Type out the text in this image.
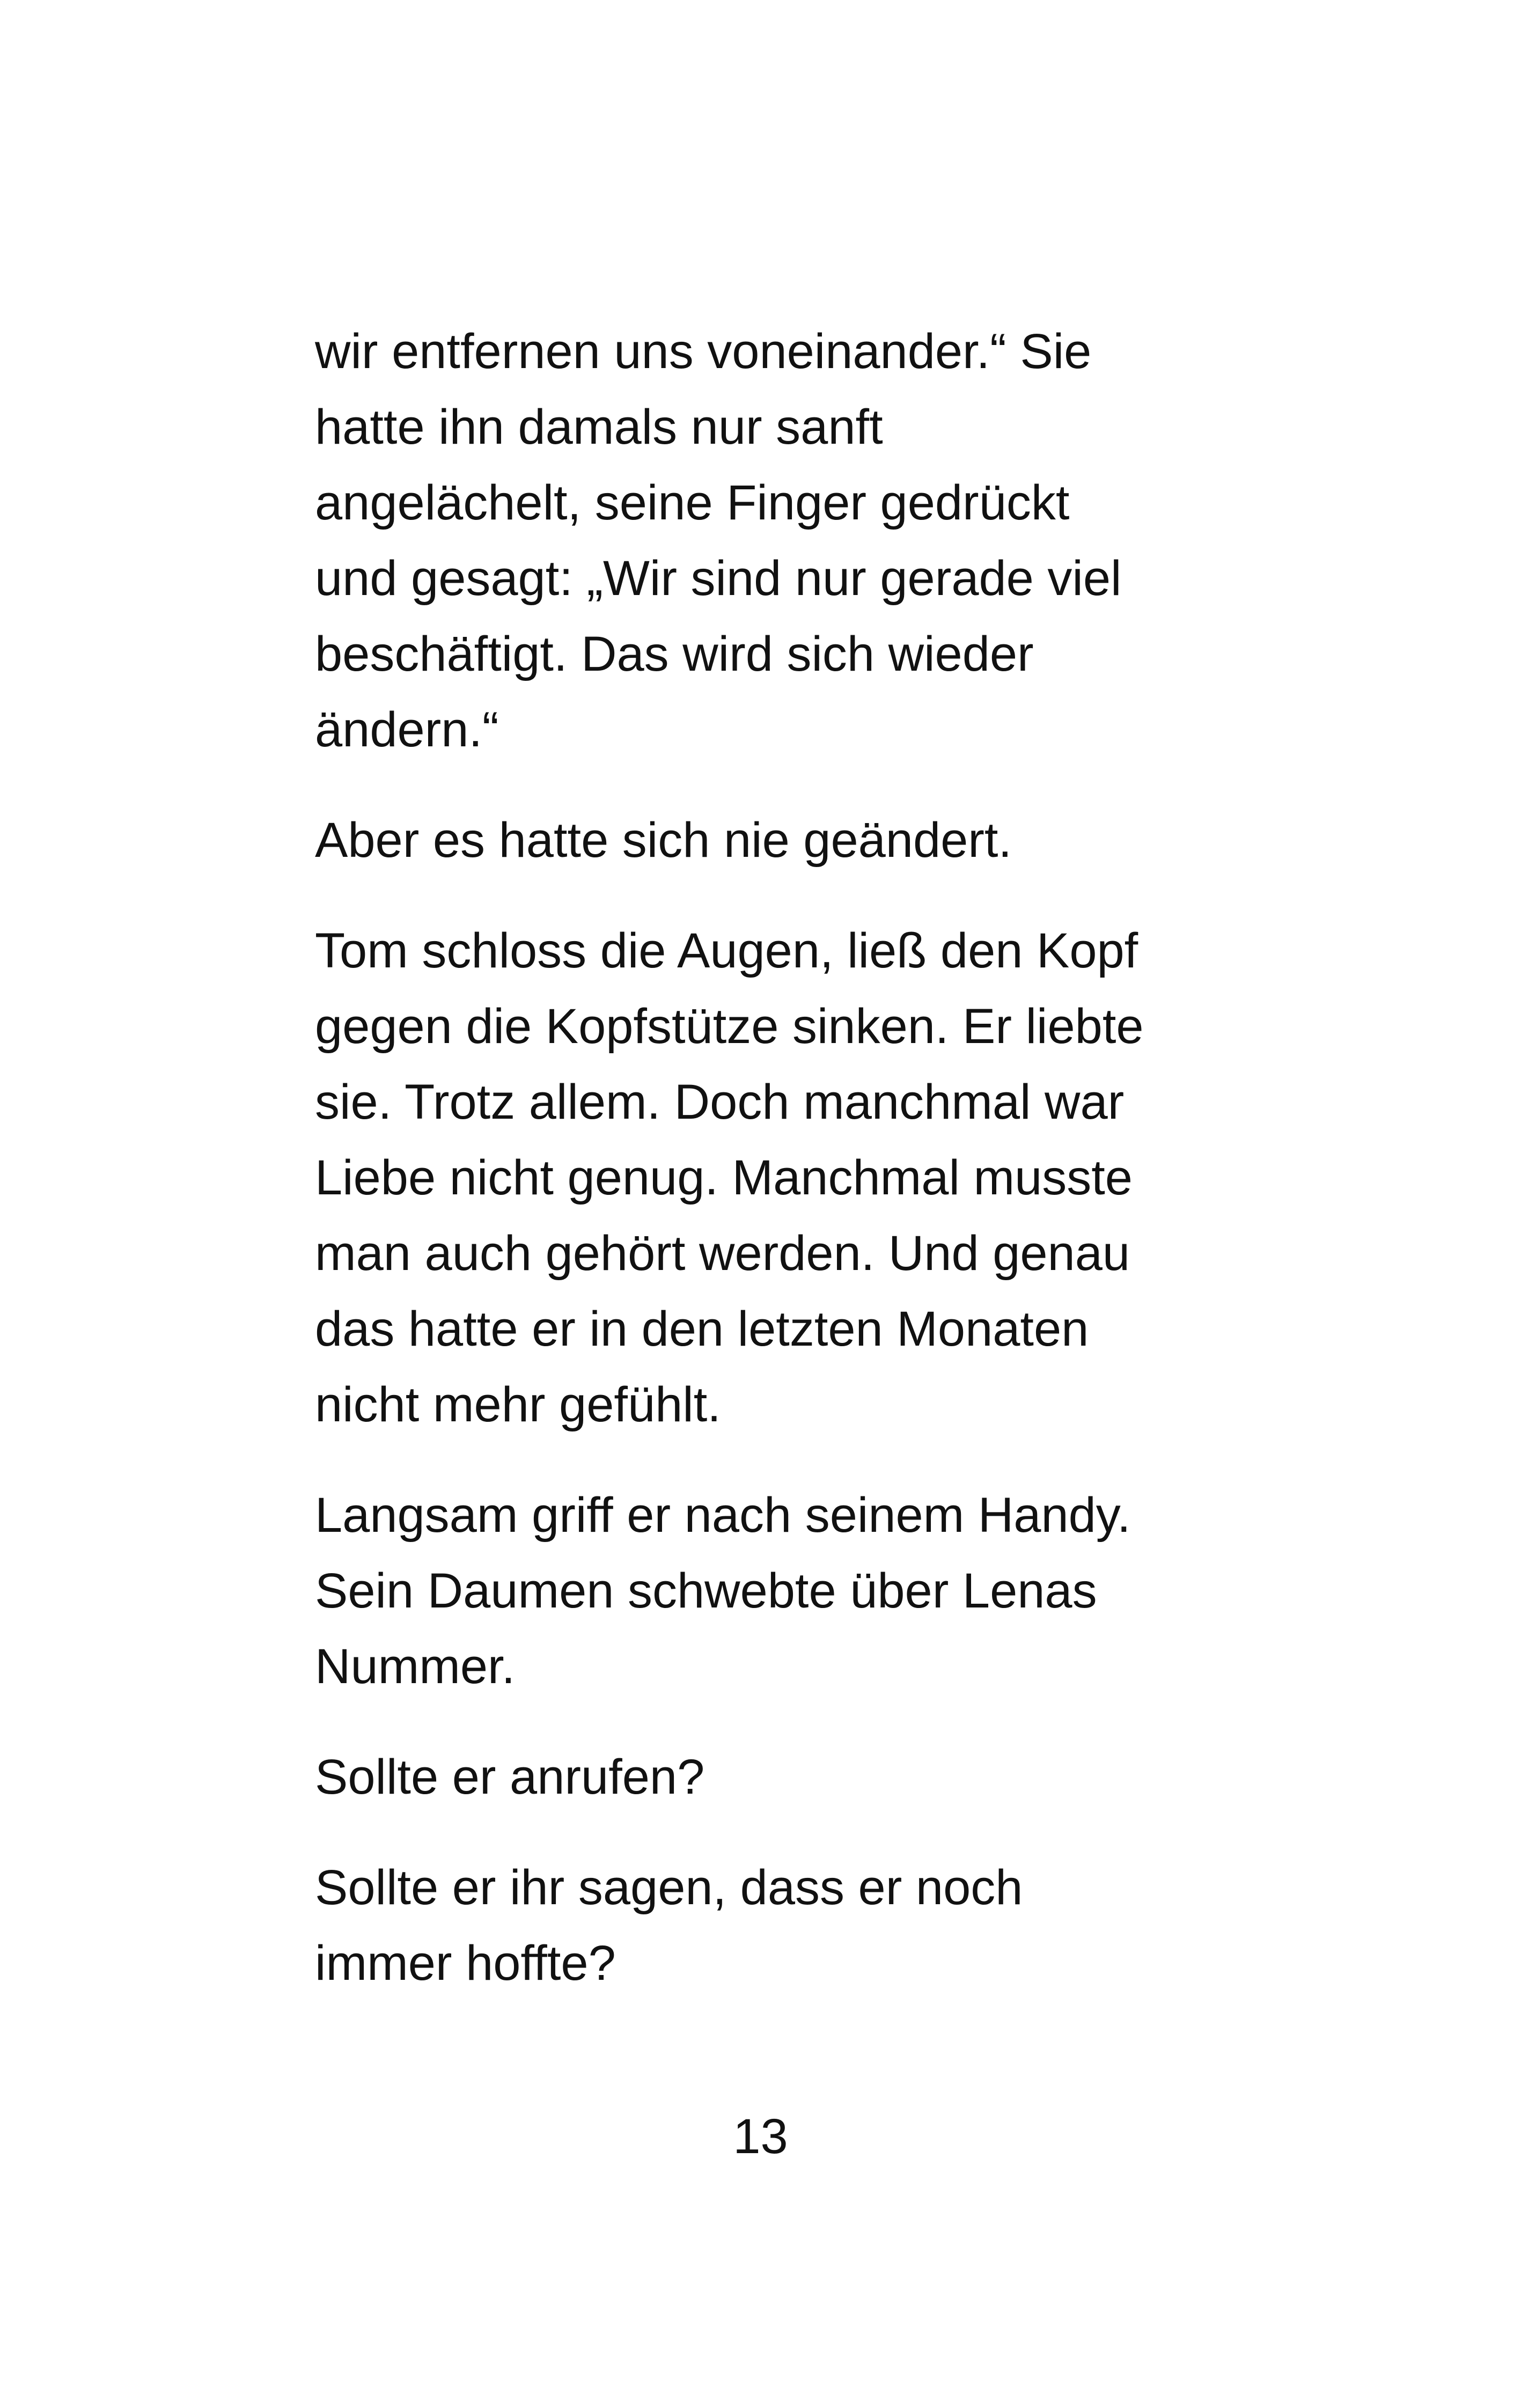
wir entfernen uns voneinander.“ Sie
hatte ihn damals nur sanft
angelächelt, seine Finger gedrückt
und gesagt: „Wir sind nur gerade viel
beschäftigt. Das wird sich wieder
ändern.“

Aber es hatte sich nie geändert.

Tom schloss die Augen, ließ den Kopf
gegen die Kopfstütze sinken. Er liebte
sie. Trotz allem. Doch manchmal war
Liebe nicht genug. Manchmal musste
man auch gehört werden. Und genau
das hatte er in den letzten Monaten
nicht mehr gefühlt.

Langsam griff er nach seinem Handy.
Sein Daumen schwebte über Lenas
Nummer.

Sollte er anrufen?

Sollte er ihr sagen, dass er noch
immer hoffte?

13
